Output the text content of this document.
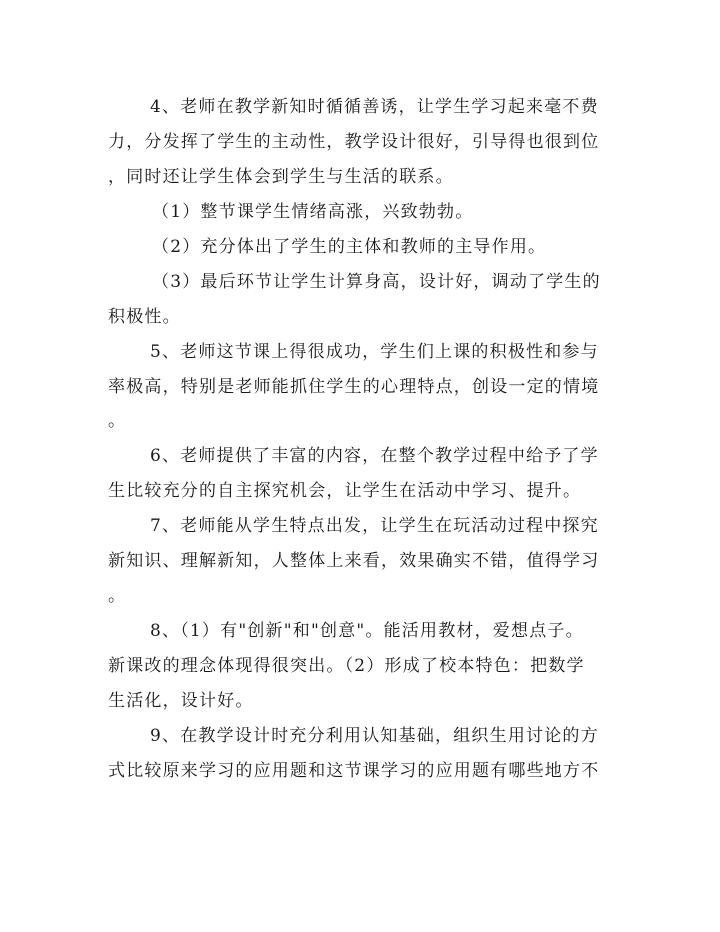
4、老师在教学新知时循循善诱，让学生学习起来毫不费
力，分发挥了学生的主动性，教学设计很好，引导得也很到位
，同时还让学生体会到学生与生活的联系。
（1）整节课学生情绪高涨，兴致勃勃。
（2）充分体出了学生的主体和教师的主导作用。
（3）最后环节让学生计算身高，设计好，调动了学生的
积极性。
5、老师这节课上得很成功，学生们上课的积极性和参与
率极高，特别是老师能抓住学生的心理特点，创设一定的情境
。
6、老师提供了丰富的内容，在整个教学过程中给予了学
生比较充分的自主探究机会，让学生在活动中学习、提升。
7、老师能从学生特点出发，让学生在玩活动过程中探究
新知识、理解新知，人整体上来看，效果确实不错，值得学习
。
8、（1）有"创新"和"创意"。能活用教材，爱想点子。
新课改的理念体现得很突出。（2）形成了校本特色：把数学
生活化，设计好。
9、在教学设计时充分利用认知基础，组织生用讨论的方
式比较原来学习的应用题和这节课学习的应用题有哪些地方不
